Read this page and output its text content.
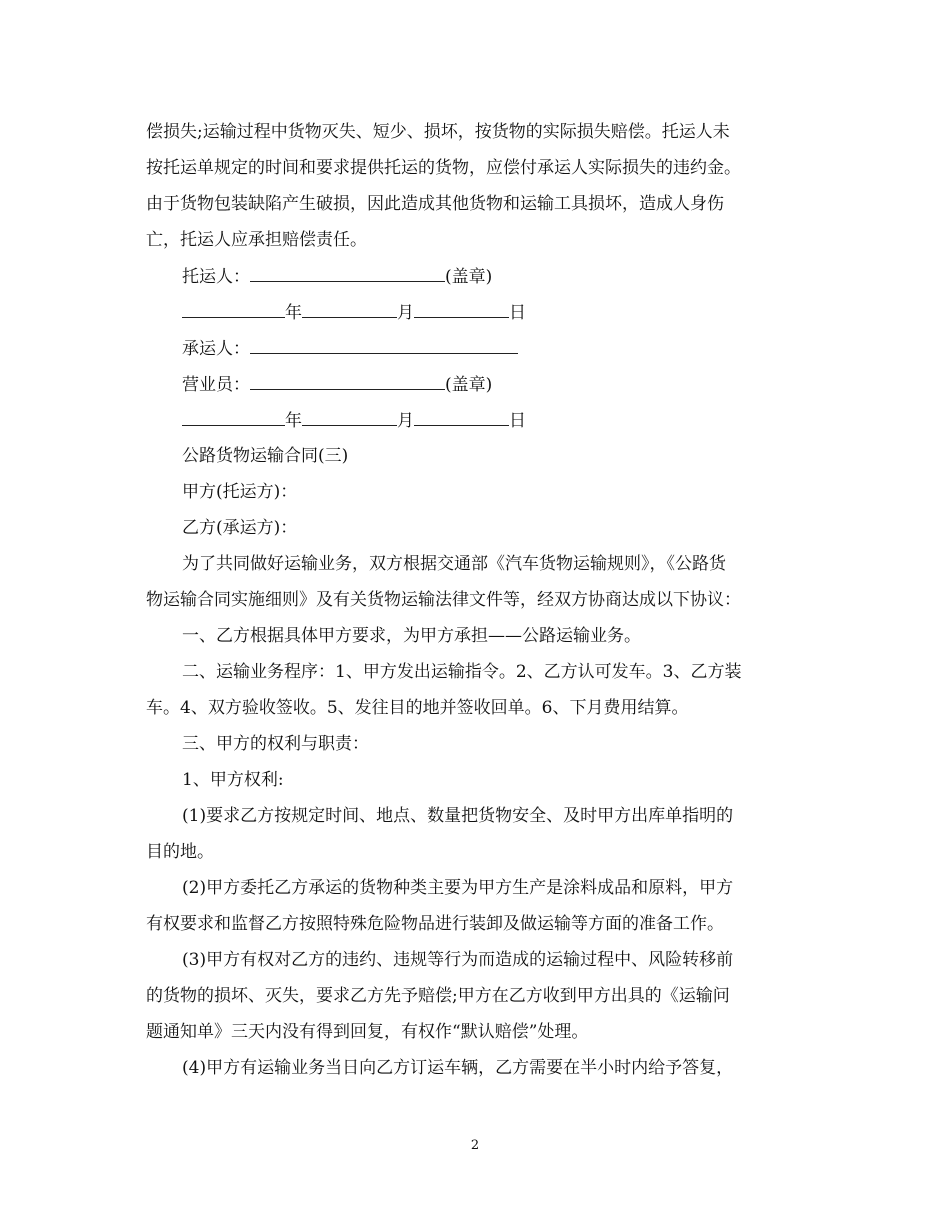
偿损失;运输过程中货物灭失、短少、损坏，按货物的实际损失赔偿。托运人未
按托运单规定的时间和要求提供托运的货物，应偿付承运人实际损失的违约金。
由于货物包装缺陷产生破损，因此造成其他货物和运输工具损坏，造成人身伤
亡，托运人应承担赔偿责任。
托运人：	(盖章)
年	月	日
承运人：
营业员：	(盖章)
年	月	日
公路货物运输合同(三)
甲方(托运方)：
乙方(承运方)：
为了共同做好运输业务，双方根据交通部《汽车货物运输规则》，《公路货
物运输合同实施细则》及有关货物运输法律文件等，经双方协商达成以下协议：
一、乙方根据具体甲方要求，为甲方承担——公路运输业务。
二、运输业务程序：1、甲方发出运输指令。2、乙方认可发车。3、乙方装
车。4、双方验收签收。5、发往目的地并签收回单。6、下月费用结算。
三、甲方的权利与职责：
1、甲方权利:
(1)要求乙方按规定时间、地点、数量把货物安全、及时甲方出库单指明的
目的地。
(2)甲方委托乙方承运的货物种类主要为甲方生产是涂料成品和原料，甲方
有权要求和监督乙方按照特殊危险物品进行装卸及做运输等方面的准备工作。
(3)甲方有权对乙方的违约、违规等行为而造成的运输过程中、风险转移前
的货物的损坏、灭失，要求乙方先予赔偿;甲方在乙方收到甲方出具的《运输问
题通知单》三天内没有得到回复，有权作“默认赔偿”处理。
(4)甲方有运输业务当日向乙方订运车辆，乙方需要在半小时内给予答复，
2
